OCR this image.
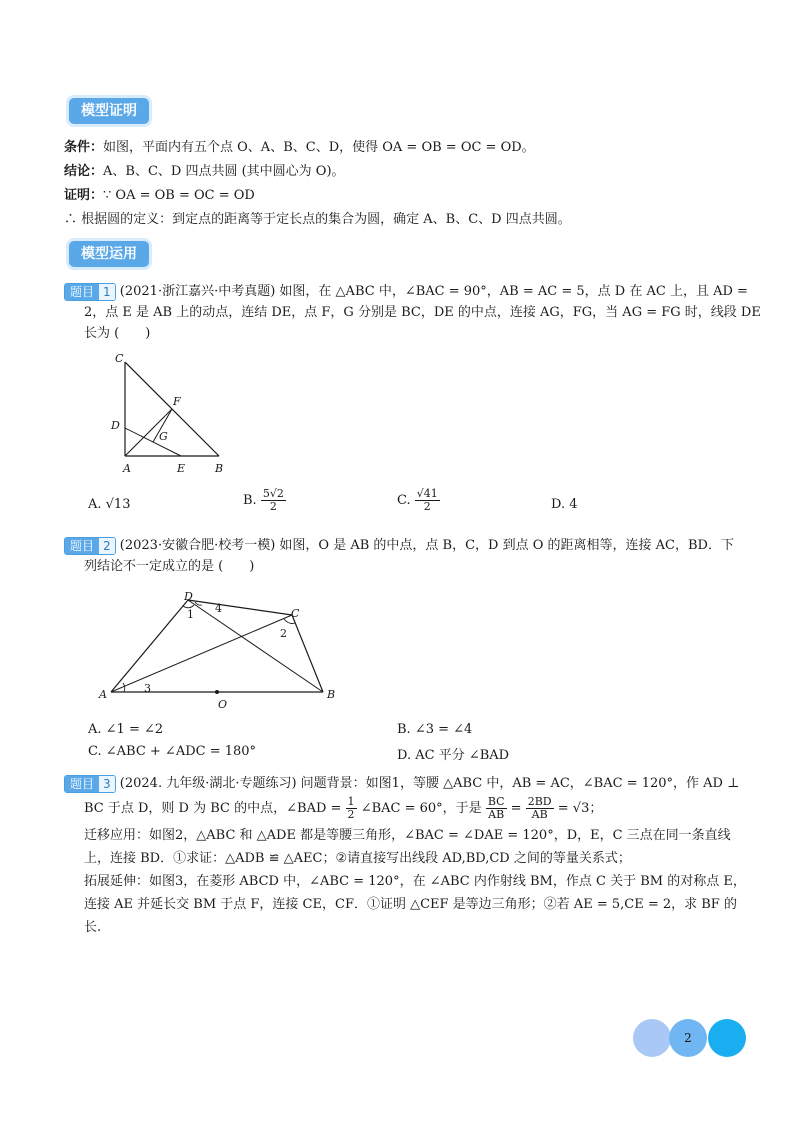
模型证明
条件：如图，平面内有五个点 O、A、B、C、D，使得 OA = OB = OC = OD。
结论：A、B、C、D 四点共圆 (其中圆心为 O)。
证明：∵ OA = OB = OC = OD
∴ 根据圆的定义：到定点的距离等于定长点的集合为圆，确定 A、B、C、D 四点共圆。
模型运用
题目 1 (2021·浙江嘉兴·中考真题) 如图，在 △ABC 中，∠BAC = 90°，AB = AC = 5，点 D 在 AC 上，且 AD =
2，点 E 是 AB 上的动点，连结 DE，点 F，G 分别是 BC，DE 的中点，连接 AG，FG，当 AG = FG 时，线段 DE
长为 (　　)
C
F
D
G
A	E	B
A. √13	B. $\frac{5√2}{2}$	C. $\frac{√41}{2}$	D. 4
题目 2 (2023·安徽合肥·校考一模) 如图，O 是 AB 的中点，点 B，C，D 到点 O 的距离相等，连接 AC，BD．下
列结论不一定成立的是 (　　)
D
C
A	B
O
1
2
3
4
A. ∠1 = ∠2	B. ∠3 = ∠4
C. ∠ABC + ∠ADC = 180°	D. AC 平分 ∠BAD
题目 3 (2024. 九年级·湖北·专题练习) 问题背景：如图1，等腰 △ABC 中，AB = AC，∠BAC = 120°，作 AD ⊥
BC 于点 D，则 D 为 BC 的中点，∠BAD = $\frac{1}{2}$ ∠BAC = 60°，于是 $\frac{BC}{AB} = \frac{2BD}{AB} = √3$；
迁移应用：如图2，△ABC 和 △ADE 都是等腰三角形，∠BAC = ∠DAE = 120°，D，E，C 三点在同一条直线
上，连接 BD．①求证：△ADB ≌ △AEC；②请直接写出线段 AD,BD,CD 之间的等量关系式；
拓展延伸：如图3，在菱形 ABCD 中，∠ABC = 120°，在 ∠ABC 内作射线 BM，作点 C 关于 BM 的对称点 E，
连接 AE 并延长交 BM 于点 F，连接 CE，CF．①证明 △CEF 是等边三角形；②若 AE = 5,CE = 2，求 BF 的
长.
2
